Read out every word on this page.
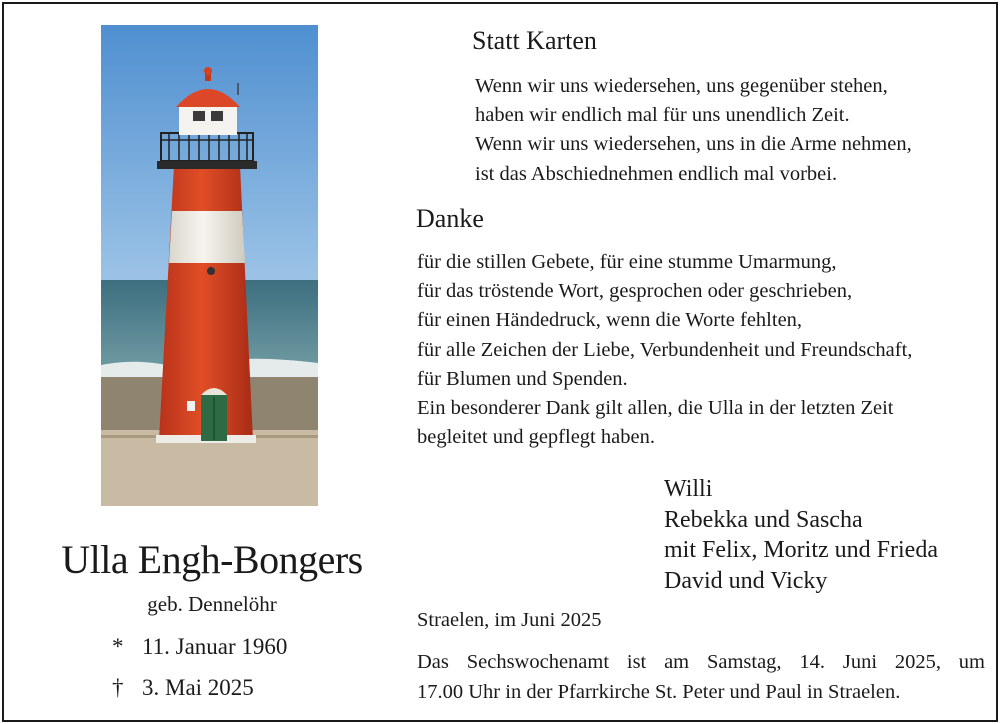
Ulla Engh-Bongers
geb. Dennelöhr
* 11. Januar 1960
† 3. Mai 2025
Statt Karten
Wenn wir uns wiedersehen, uns gegenüber stehen,
haben wir endlich mal für uns unendlich Zeit.
Wenn wir uns wiedersehen, uns in die Arme nehmen,
ist das Abschiednehmen endlich mal vorbei.
Danke
für die stillen Gebete, für eine stumme Umarmung,
für das tröstende Wort, gesprochen oder geschrieben,
für einen Händedruck, wenn die Worte fehlten,
für alle Zeichen der Liebe, Verbundenheit und Freundschaft,
für Blumen und Spenden.
Ein besonderer Dank gilt allen, die Ulla in der letzten Zeit
begleitet und gepflegt haben.
Willi
Rebekka und Sascha
mit Felix, Moritz und Frieda
David und Vicky
Straelen, im Juni 2025
Das Sechswochenamt ist am Samstag, 14. Juni 2025, um
17.00 Uhr in der Pfarrkirche St. Peter und Paul in Straelen.
